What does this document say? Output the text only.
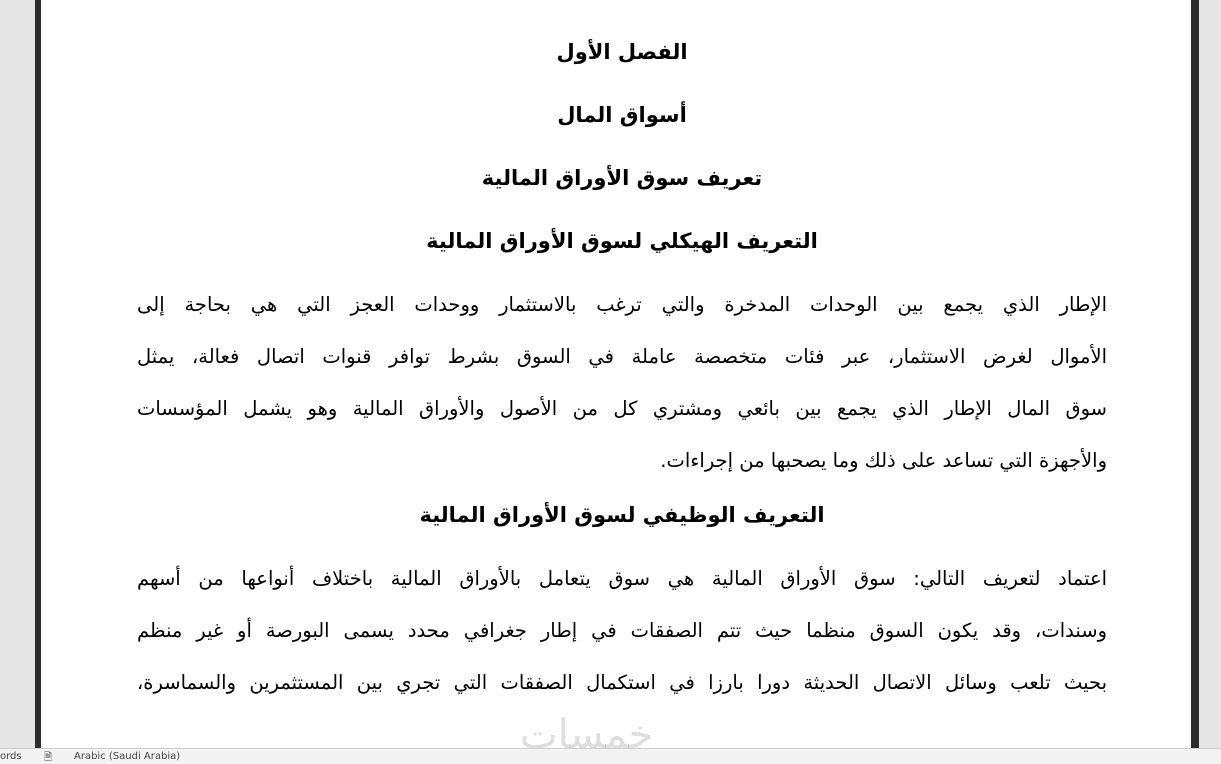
الفصل الأول

أسواق المال

تعريف سوق الأوراق المالية

التعريف الهيكلي لسوق الأوراق المالية

الإطار الذي يجمع بين الوحدات المدخرة والتي ترغب بالاستثمار ووحدات العجز التي هي بحاجة إلى
الأموال لغرض الاستثمار، عبر فئات متخصصة عاملة في السوق بشرط توافر قنوات اتصال فعالة، يمثل
سوق المال الإطار الذي يجمع بين بائعي ومشتري كل من الأصول والأوراق المالية وهو يشمل المؤسسات
والأجهزة التي تساعد على ذلك وما يصحبها من إجراءات.

التعريف الوظيفي لسوق الأوراق المالية

اعتماد لتعريف التالي: سوق الأوراق المالية هي سوق يتعامل بالأوراق المالية باختلاف أنواعها من أسهم
وسندات، وقد يكون السوق منظما حيث تتم الصفقات في إطار جغرافي محدد يسمى البورصة أو غير منظم
بحيث تلعب وسائل الاتصال الحديثة دورا بارزا في استكمال الصفقات التي تجري بين المستثمرين والسماسرة،

خمسات
ords 🗎 Arabic (Saudi Arabia)
